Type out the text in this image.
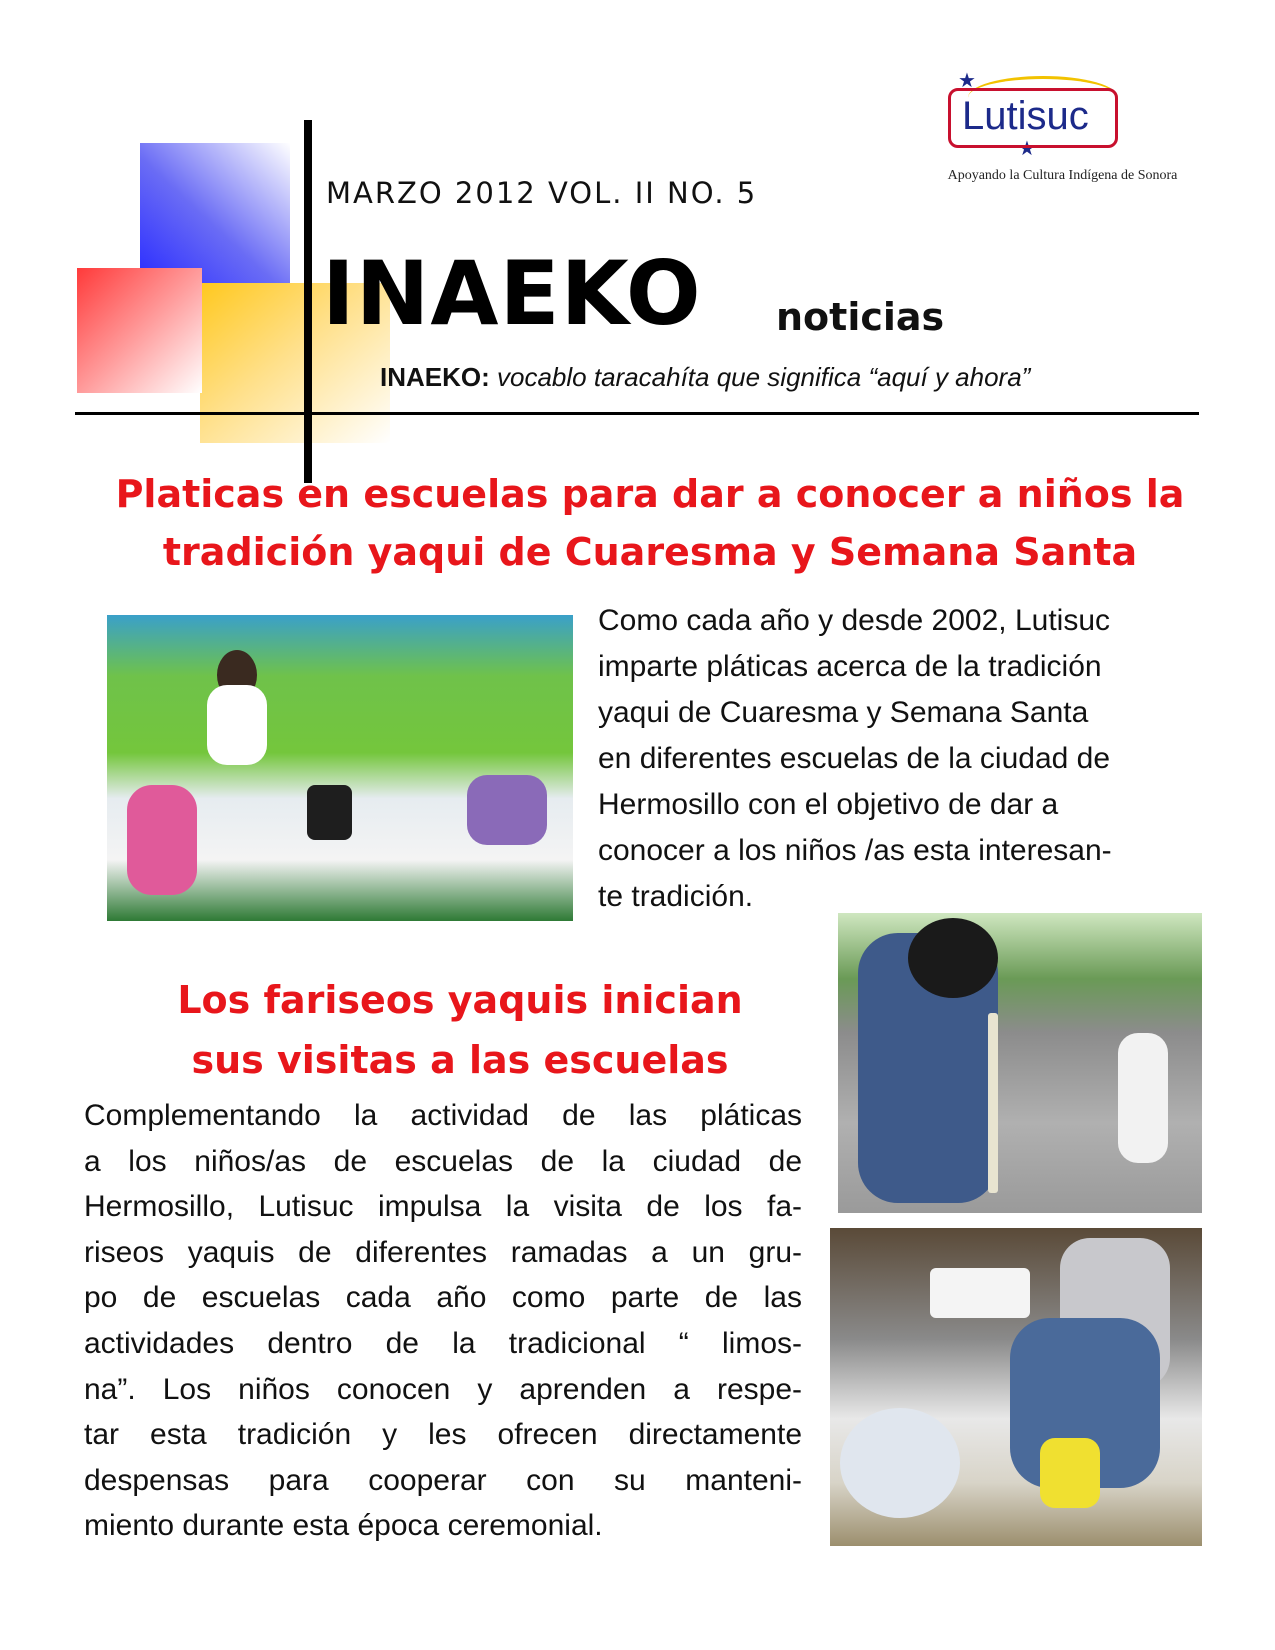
MARZO 2012 VOL. II NO. 5
INAEKO noticias
INAEKO: vocablo taracahíta que significa “aquí y ahora”
★
★
Lutisuc
Apoyando la Cultura Indígena de Sonora
Platicas en escuelas para dar a conocer a niños la
tradición yaqui de Cuaresma y Semana Santa
Como cada año y desde 2002, Lutisuc
imparte pláticas acerca de la tradición
yaqui de Cuaresma y Semana Santa
en diferentes escuelas de la ciudad de
Hermosillo con el objetivo de dar a
conocer a los niños /as esta interesan-
te tradición.
Los fariseos yaquis inician
sus visitas a las escuelas
Complementando la actividad de las pláticas
a los niños/as de escuelas de la ciudad de
Hermosillo, Lutisuc impulsa la visita de los fa-
riseos yaquis de diferentes ramadas a un gru-
po de escuelas cada año como parte de las
actividades dentro de la tradicional “ limos-
na”. Los niños conocen y aprenden a respe-
tar esta tradición y les ofrecen directamente
despensas para cooperar con su manteni-
miento durante esta época ceremonial.
